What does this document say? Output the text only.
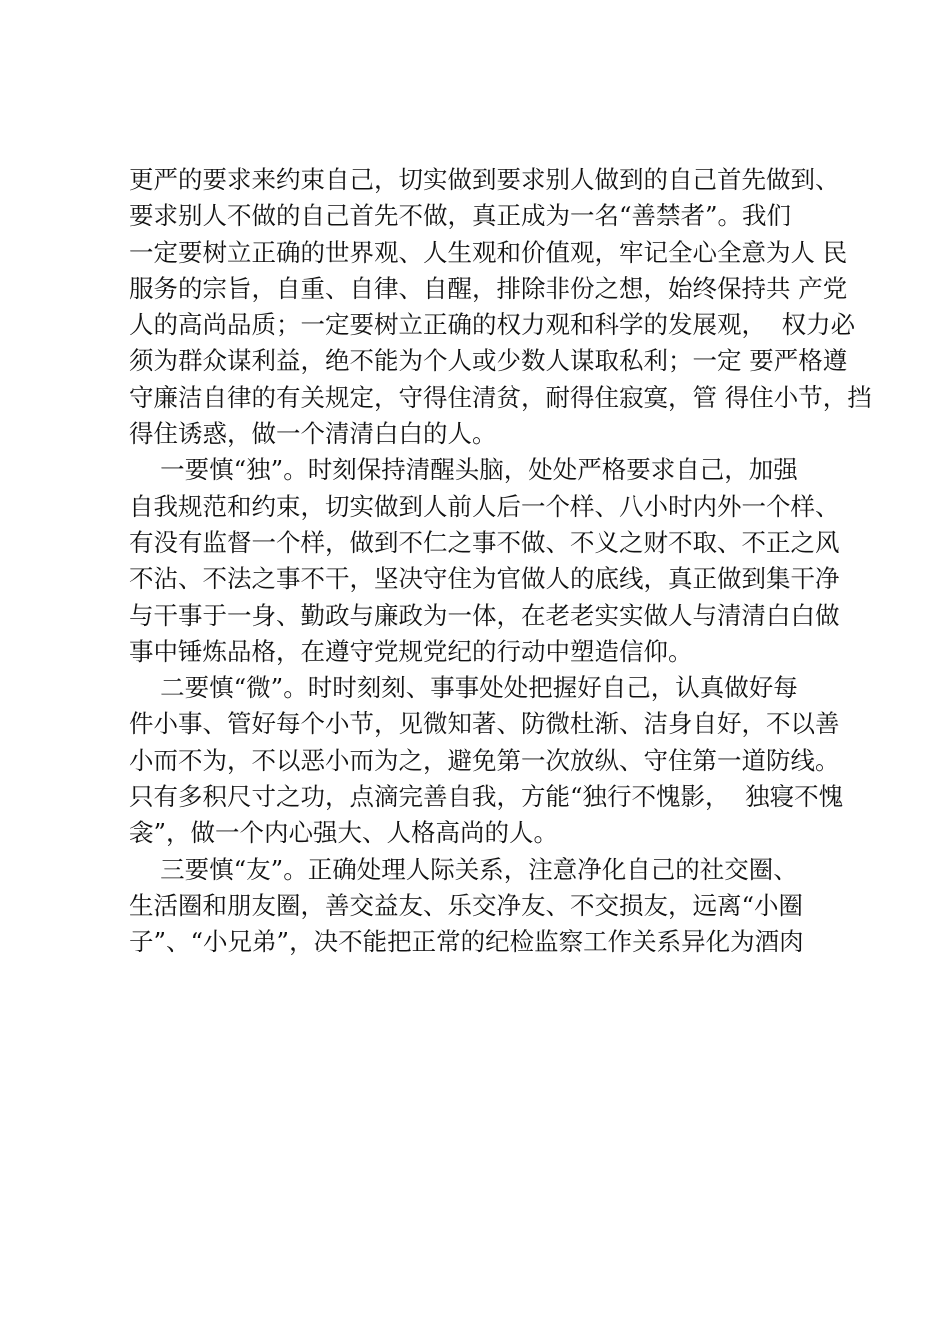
更严的要求来约束自己，切实做到要求别人做到的自己首先做到、
要求别人不做的自己首先不做，真正成为一名“善禁者”。我们
一定要树立正确的世界观、人生观和价值观，牢记全心全意为人 民
服务的宗旨，自重、自律、自醒，排除非份之想，始终保持共 产党
人的高尚品质；一定要树立正确的权力观和科学的发展观，  权力必
须为群众谋利益，绝不能为个人或少数人谋取私利；一定 要严格遵
守廉洁自律的有关规定，守得住清贫，耐得住寂寞，管 得住小节，挡
得住诱惑，做一个清清白白的人。
一要慎“独”。时刻保持清醒头脑，处处严格要求自己，加强
自我规范和约束，切实做到人前人后一个样、八小时内外一个样、
有没有监督一个样，做到不仁之事不做、不义之财不取、不正之风
不沾、不法之事不干，坚决守住为官做人的底线，真正做到集干净
与干事于一身、勤政与廉政为一体，在老老实实做人与清清白白做
事中锤炼品格，在遵守党规党纪的行动中塑造信仰。
二要慎“微”。时时刻刻、事事处处把握好自己，认真做好每
件小事、管好每个小节，见微知著、防微杜渐、洁身自好，不以善
小而不为，不以恶小而为之，避免第一次放纵、守住第一道防线。
只有多积尺寸之功，点滴完善自我，方能“独行不愧影，  独寝不愧
衾”，做一个内心强大、人格高尚的人。
三要慎“友”。正确处理人际关系，注意净化自己的社交圈、
生活圈和朋友圈，善交益友、乐交净友、不交损友，远离“小圈
子”、“小兄弟”，决不能把正常的纪检监察工作关系异化为酒肉
